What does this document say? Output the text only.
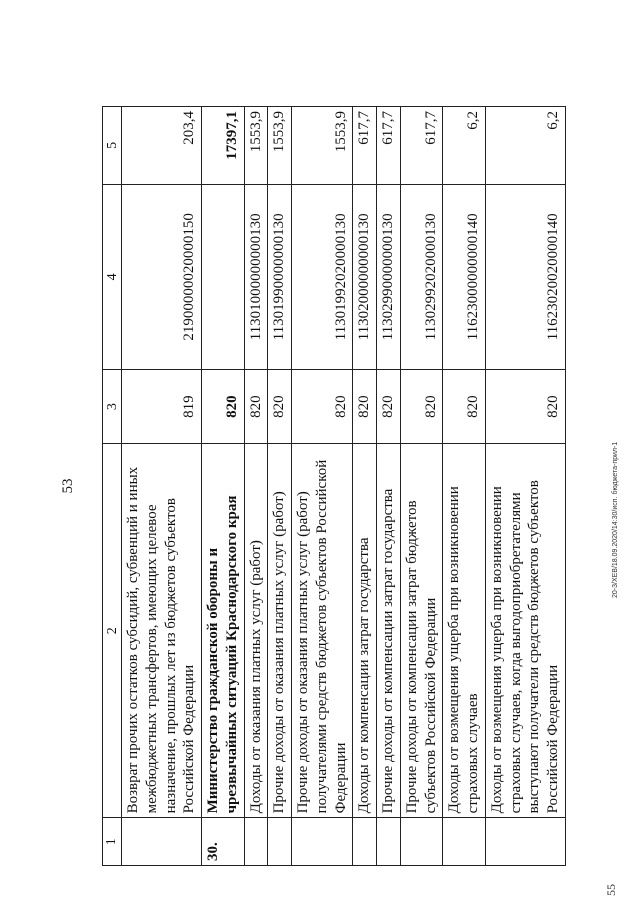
53
1	2	3	4	5
	Возврат прочих остатков субсидий, субвенций и иных межбюджетных трансфертов, имеющих целевое назначение, прошлых лет из бюджетов субъектов Российской Федерации	819	21900000020000150	203,4
30.	Министерство гражданской обороны и чрезвычайных ситуаций Краснодарского края	820		17397,1
	Доходы от оказания платных услуг (работ)	820	11301000000000130	1553,9
	Прочие доходы от оказания платных услуг (работ)	820	11301990000000130	1553,9
	Прочие доходы от оказания платных услуг (работ) получателями средств бюджетов субъектов Российской Федерации	820	11301992020000130	1553,9
	Доходы от компенсации затрат государства	820	11302000000000130	617,7
	Прочие доходы от компенсации затрат государства	820	11302990000000130	617,7
	Прочие доходы от компенсации затрат бюджетов субъектов Российской Федерации	820	11302992020000130	617,7
	Доходы от возмещения ущерба при возникновении страховых случаев	820	11623000000000140	6,2
	Доходы от возмещения ущерба при возникновении страховых случаев, когда выгодоприобретателями выступают получатели средств бюджетов субъектов Российской Федерации	820	11623020020000140	6,2
20-3/ХЕВ/18.09.2020/14:30/исп. бюджета-прил-1
55
